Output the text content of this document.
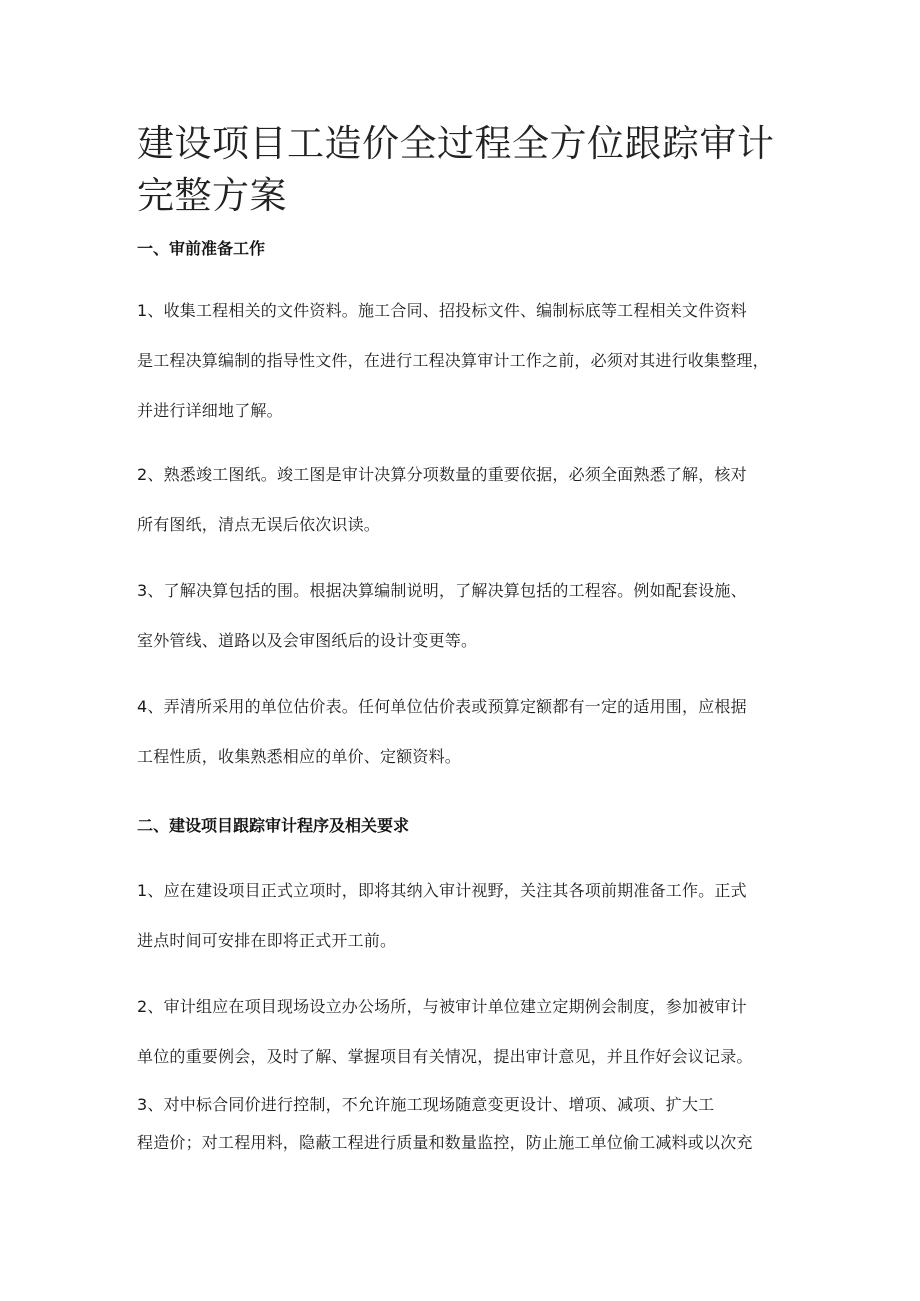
建设项目工造价全过程全方位跟踪审计完整方案
一、审前准备工作

1、收集工程相关的文件资料。施工合同、招投标文件、编制标底等工程相关文件资料
是工程决算编制的指导性文件，在进行工程决算审计工作之前，必须对其进行收集整理，
并进行详细地了解。

2、熟悉竣工图纸。竣工图是审计决算分项数量的重要依据，必须全面熟悉了解，核对
所有图纸，清点无误后依次识读。

3、了解决算包括的围。根据决算编制说明，了解决算包括的工程容。例如配套设施、
室外管线、道路以及会审图纸后的设计变更等。

4、弄清所采用的单位估价表。任何单位估价表或预算定额都有一定的适用围，应根据
工程性质，收集熟悉相应的单价、定额资料。

二、建设项目跟踪审计程序及相关要求

1、应在建设项目正式立项时，即将其纳入审计视野，关注其各项前期准备工作。正式
进点时间可安排在即将正式开工前。

2、审计组应在项目现场设立办公场所，与被审计单位建立定期例会制度，参加被审计
单位的重要例会，及时了解、掌握项目有关情况，提出审计意见，并且作好会议记录。

3、对中标合同价进行控制，不允许施工现场随意变更设计、增项、减项、扩大工
程造价；对工程用料，隐蔽工程进行质量和数量监控，防止施工单位偷工减料或以次充
